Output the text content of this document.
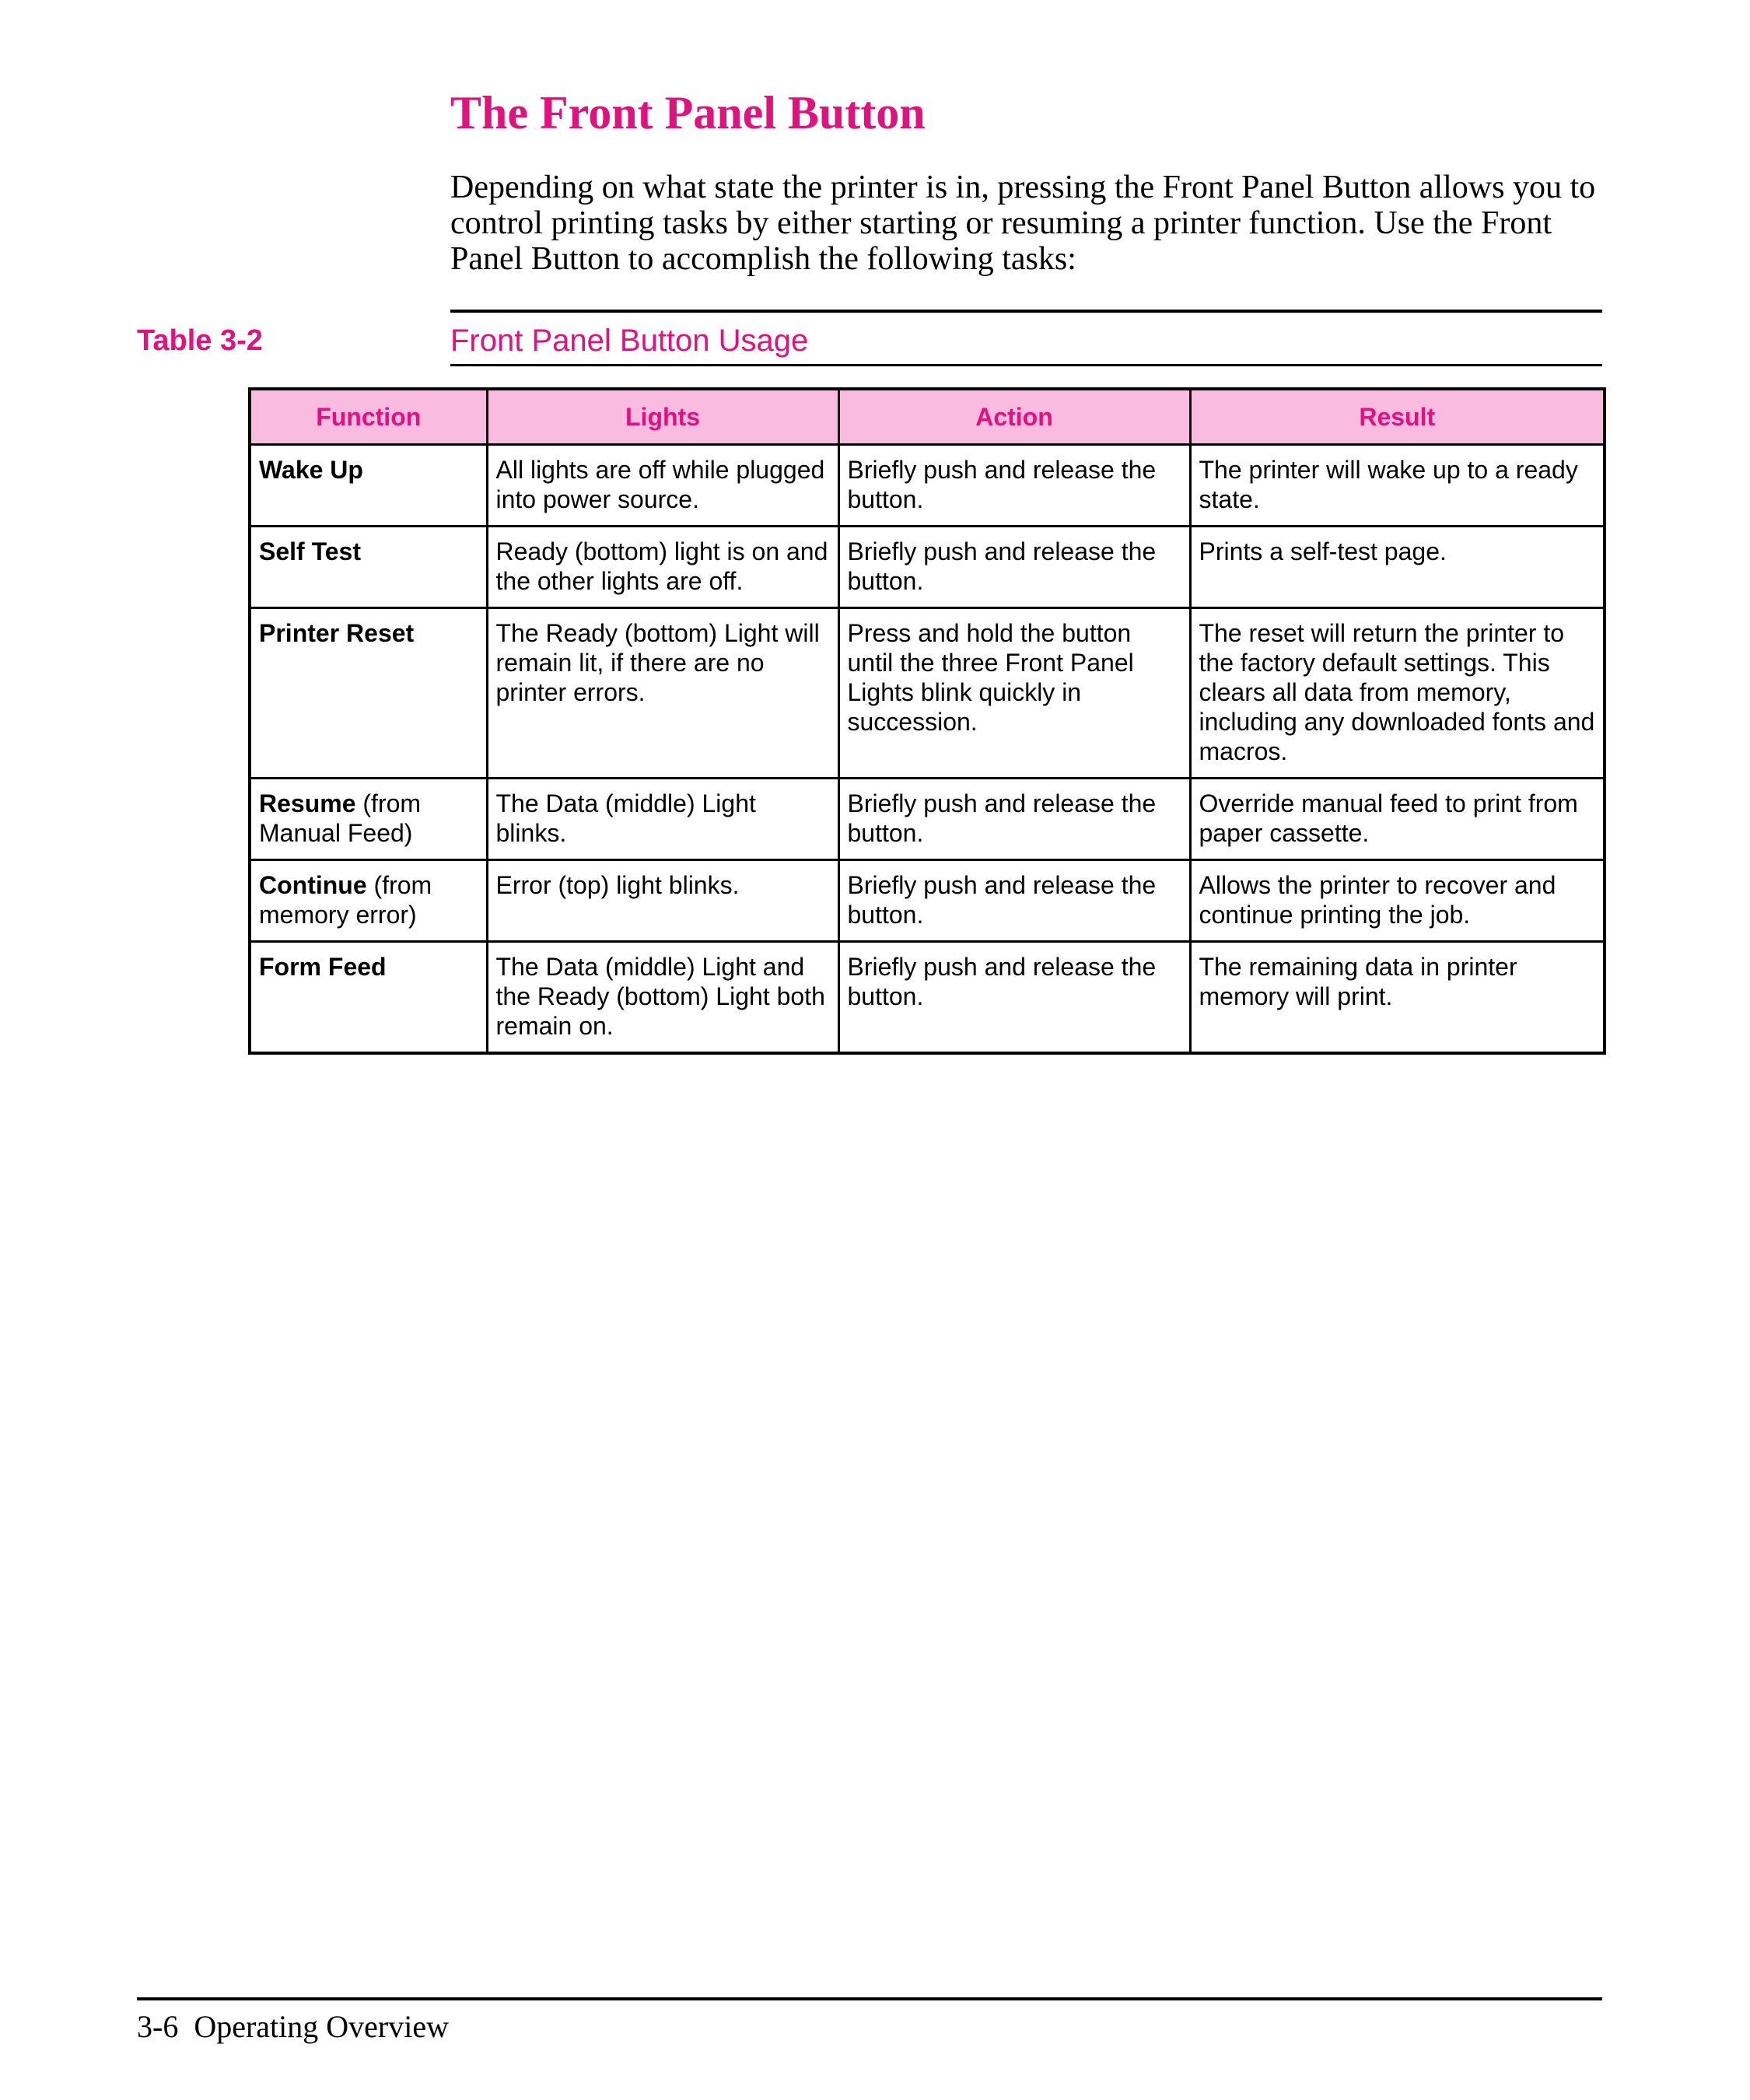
The Front Panel Button

Depending on what state the printer is in, pressing the Front Panel Button allows you to control printing tasks by either starting or resuming a printer function. Use the Front Panel Button to accomplish the following tasks:

Table 3-2	Front Panel Button Usage
Function	Lights	Action	Result
Wake Up	All lights are off while plugged into power source.	Briefly push and release the button.	The printer will wake up to a ready state.
Self Test	Ready (bottom) light is on and the other lights are off.	Briefly push and release the button.	Prints a self-test page.
Printer Reset	The Ready (bottom) Light will remain lit, if there are no printer errors.	Press and hold the button until the three Front Panel Lights blink quickly in succession.	The reset will return the printer to the factory default settings. This clears all data from memory, including any downloaded fonts and macros.
Resume (from Manual Feed)	The Data (middle) Light blinks.	Briefly push and release the button.	Override manual feed to print from paper cassette.
Continue (from memory error)	Error (top) light blinks.	Briefly push and release the button.	Allows the printer to recover and continue printing the job.
Form Feed	The Data (middle) Light and the Ready (bottom) Light both remain on.	Briefly push and release the button.	The remaining data in printer memory will print.
3-6  Operating Overview
